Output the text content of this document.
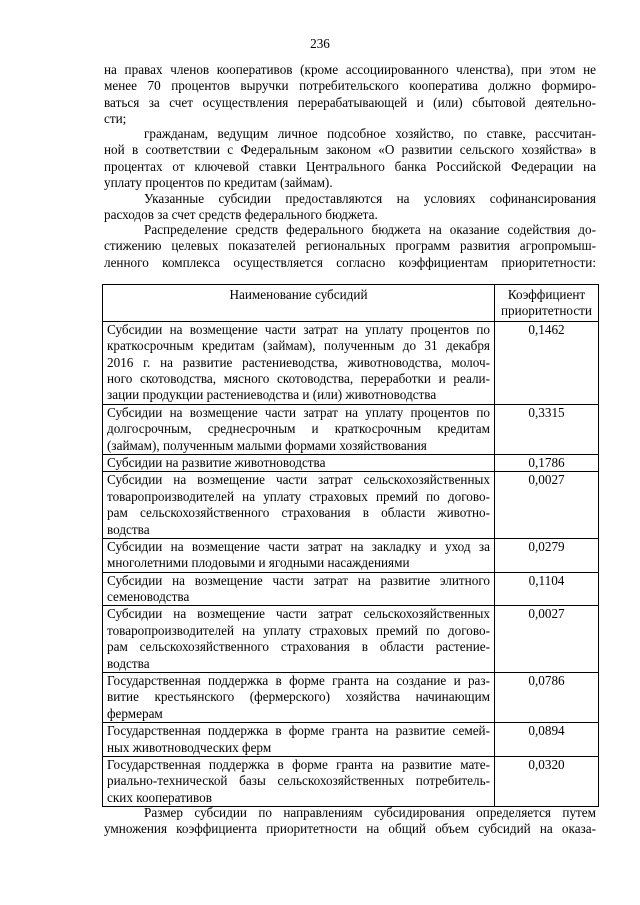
236
на правах членов кооперативов (кроме ассоциированного членства), при этом не
менее 70 процентов выручки потребительского кооператива должно формиро-
ваться за счет осуществления перерабатывающей и (или) сбытовой деятельно-
сти;
гражданам, ведущим личное подсобное хозяйство, по ставке, рассчитан-
ной в соответствии с Федеральным законом «О развитии сельского хозяйства» в
процентах от ключевой ставки Центрального банка Российской Федерации на
уплату процентов по кредитам (займам).
Указанные субсидии предоставляются на условиях софинансирования
расходов за счет средств федерального бюджета.
Распределение средств федерального бюджета на оказание содействия до-
стижению целевых показателей региональных программ развития агропромыш-
ленного комплекса осуществляется согласно коэффициентам приоритетности:
Наименование субсидий	Коэффициент
приоритетности

Субсидии на возмещение части затрат на уплату процентов по
краткосрочным кредитам (займам), полученным до 31 декабря
2016 г. на развитие растениеводства, животноводства, молоч-
ного скотоводства, мясного скотоводства, переработки и реали-
зации продукции растениеводства и (или) животноводства	0,1462

Субсидии на возмещение части затрат на уплату процентов по
долгосрочным, среднесрочным и краткосрочным кредитам
(займам), полученным малыми формами хозяйствования	0,3315

Субсидии на развитие животноводства	0,1786

Субсидии на возмещение части затрат сельскохозяйственных
товаропроизводителей на уплату страховых премий по догово-
рам сельскохозяйственного страхования в области животно-
водства	0,0027

Субсидии на возмещение части затрат на закладку и уход за
многолетними плодовыми и ягодными насаждениями	0,0279

Субсидии на возмещение части затрат на развитие элитного
семеноводства	0,1104

Субсидии на возмещение части затрат сельскохозяйственных
товаропроизводителей на уплату страховых премий по догово-
рам сельскохозяйственного страхования в области растение-
водства	0,0027

Государственная поддержка в форме гранта на создание и раз-
витие крестьянского (фермерского) хозяйства начинающим
фермерам	0,0786

Государственная поддержка в форме гранта на развитие семей-
ных животноводческих ферм	0,0894

Государственная поддержка в форме гранта на развитие мате-
риально-технической базы сельскохозяйственных потребитель-
ских кооперативов	0,0320
Размер субсидии по направлениям субсидирования определяется путем
умножения коэффициента приоритетности на общий объем субсидий на оказа-
